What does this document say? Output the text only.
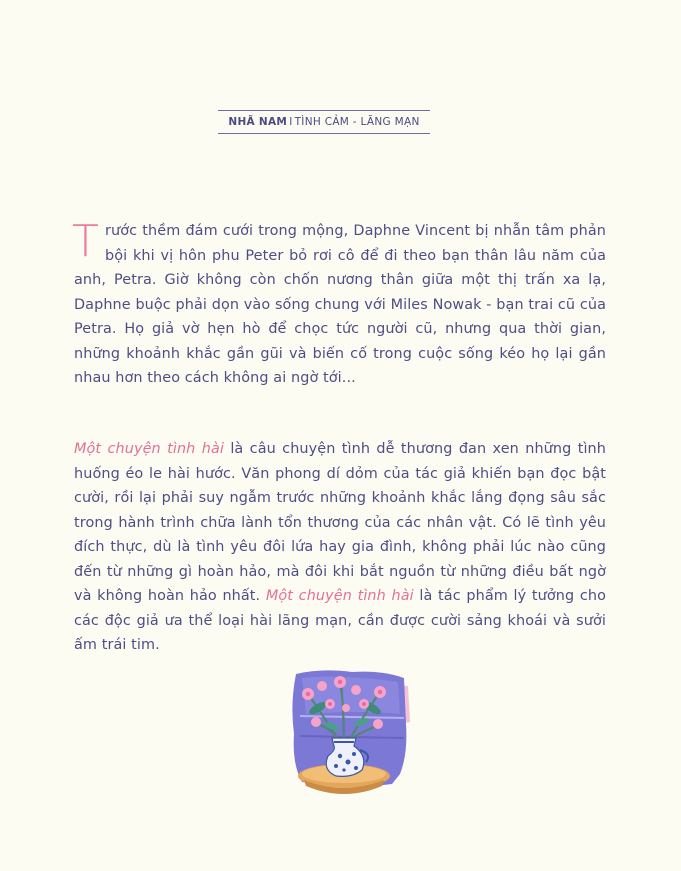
NHÃ NAM I TÌNH CẢM - LÃNG MẠN
Trước thềm đám cưới trong mộng, Daphne Vincent bị nhẫn tâm phản bội khi vị hôn phu Peter bỏ rơi cô để đi theo bạn thân lâu năm của anh, Petra. Giờ không còn chốn nương thân giữa một thị trấn xa lạ, Daphne buộc phải dọn vào sống chung với Miles Nowak - bạn trai cũ của Petra. Họ giả vờ hẹn hò để chọc tức người cũ, nhưng qua thời gian, những khoảnh khắc gần gũi và biến cố trong cuộc sống kéo họ lại gần nhau hơn theo cách không ai ngờ tới...
Một chuyện tình hài là câu chuyện tình dễ thương đan xen những tình huống éo le hài hước. Văn phong dí dỏm của tác giả khiến bạn đọc bật cười, rồi lại phải suy ngẫm trước những khoảnh khắc lắng đọng sâu sắc trong hành trình chữa lành tổn thương của các nhân vật. Có lẽ tình yêu đích thực, dù là tình yêu đôi lứa hay gia đình, không phải lúc nào cũng đến từ những gì hoàn hảo, mà đôi khi bắt nguồn từ những điều bất ngờ và không hoàn hảo nhất. Một chuyện tình hài là tác phẩm lý tưởng cho các độc giả ưa thể loại hài lãng mạn, cần được cười sảng khoái và sưởi ấm trái tim.
